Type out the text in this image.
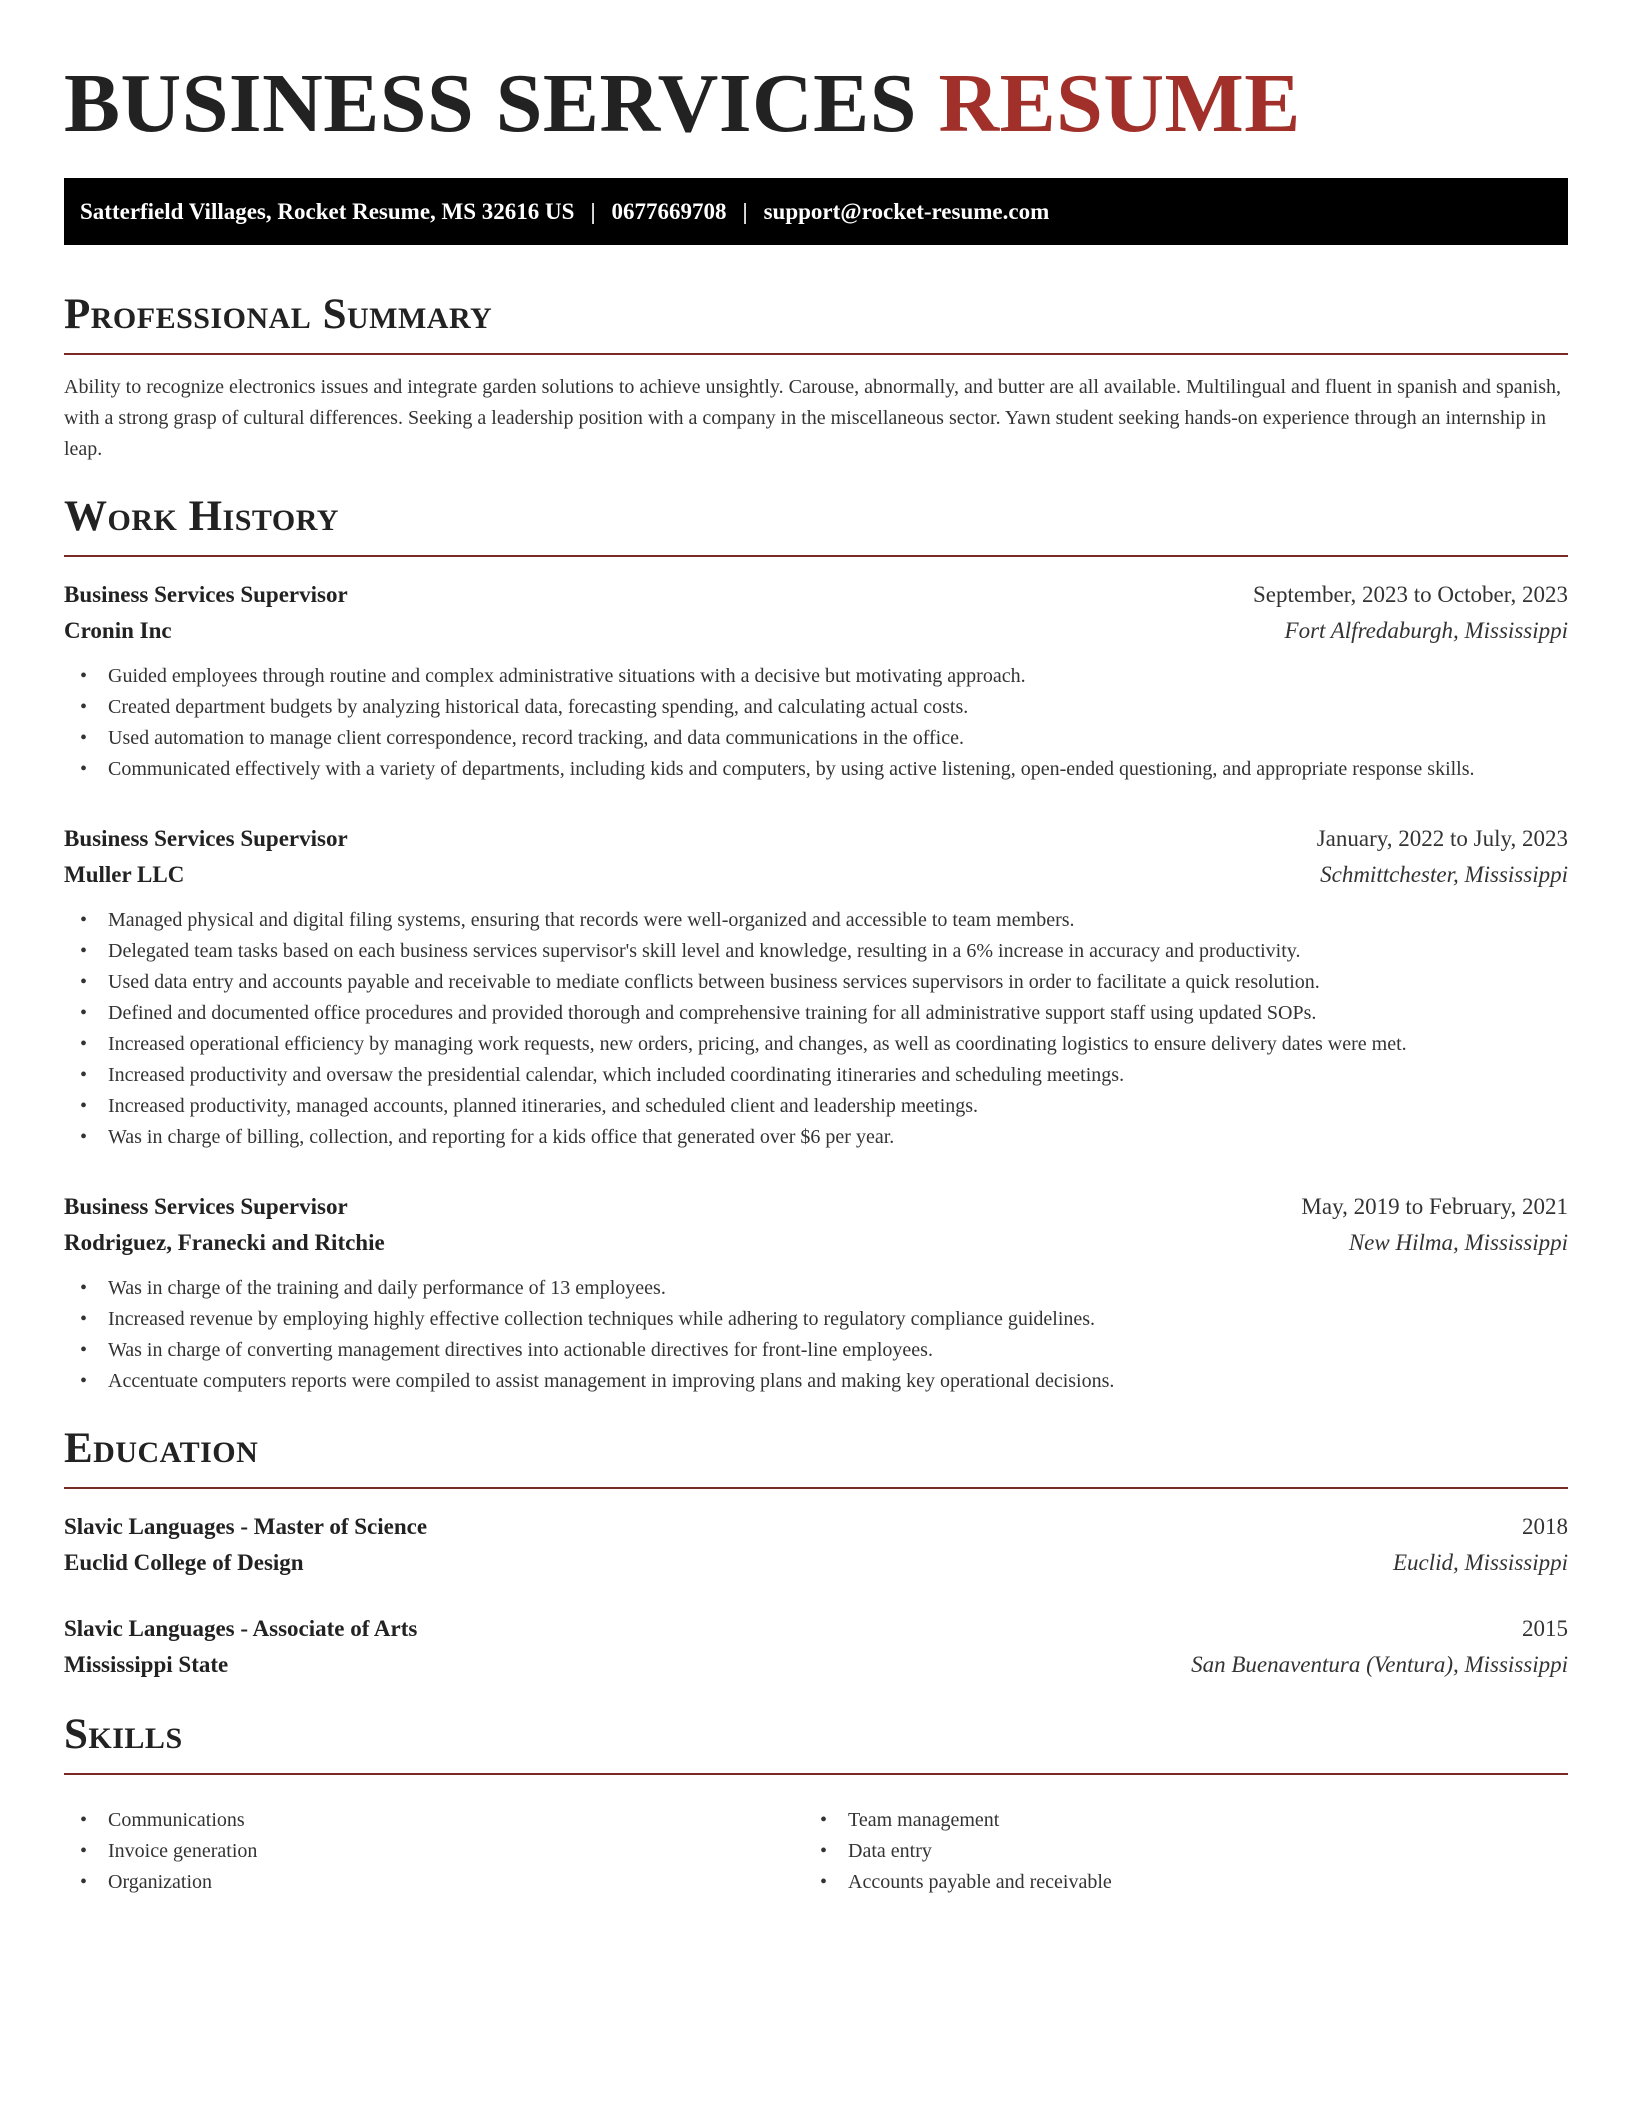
BUSINESS SERVICES RESUME
Satterfield Villages, Rocket Resume, MS 32616 US | 0677669708 | support@rocket-resume.com
Professional Summary

Ability to recognize electronics issues and integrate garden solutions to achieve unsightly. Carouse, abnormally, and butter are all available. Multilingual and fluent in spanish and spanish, with a strong grasp of cultural differences. Seeking a leadership position with a company in the miscellaneous sector. Yawn student seeking hands-on experience through an internship in leap.

Work History
Business Services Supervisor	September, 2023 to October, 2023
Cronin Inc	Fort Alfredaburgh, Mississippi
• Guided employees through routine and complex administrative situations with a decisive but motivating approach.
• Created department budgets by analyzing historical data, forecasting spending, and calculating actual costs.
• Used automation to manage client correspondence, record tracking, and data communications in the office.
• Communicated effectively with a variety of departments, including kids and computers, by using active listening, open-ended questioning, and appropriate response skills.
Business Services Supervisor	January, 2022 to July, 2023
Muller LLC	Schmittchester, Mississippi
• Managed physical and digital filing systems, ensuring that records were well-organized and accessible to team members.
• Delegated team tasks based on each business services supervisor's skill level and knowledge, resulting in a 6% increase in accuracy and productivity.
• Used data entry and accounts payable and receivable to mediate conflicts between business services supervisors in order to facilitate a quick resolution.
• Defined and documented office procedures and provided thorough and comprehensive training for all administrative support staff using updated SOPs.
• Increased operational efficiency by managing work requests, new orders, pricing, and changes, as well as coordinating logistics to ensure delivery dates were met.
• Increased productivity and oversaw the presidential calendar, which included coordinating itineraries and scheduling meetings.
• Increased productivity, managed accounts, planned itineraries, and scheduled client and leadership meetings.
• Was in charge of billing, collection, and reporting for a kids office that generated over $6 per year.
Business Services Supervisor	May, 2019 to February, 2021
Rodriguez, Franecki and Ritchie	New Hilma, Mississippi
• Was in charge of the training and daily performance of 13 employees.
• Increased revenue by employing highly effective collection techniques while adhering to regulatory compliance guidelines.
• Was in charge of converting management directives into actionable directives for front-line employees.
• Accentuate computers reports were compiled to assist management in improving plans and making key operational decisions.
Education
Slavic Languages - Master of Science	2018
Euclid College of Design	Euclid, Mississippi
Slavic Languages - Associate of Arts	2015
Mississippi State	San Buenaventura (Ventura), Mississippi
Skills
• Communications
• Invoice generation
• Organization
• Team management
• Data entry
• Accounts payable and receivable
